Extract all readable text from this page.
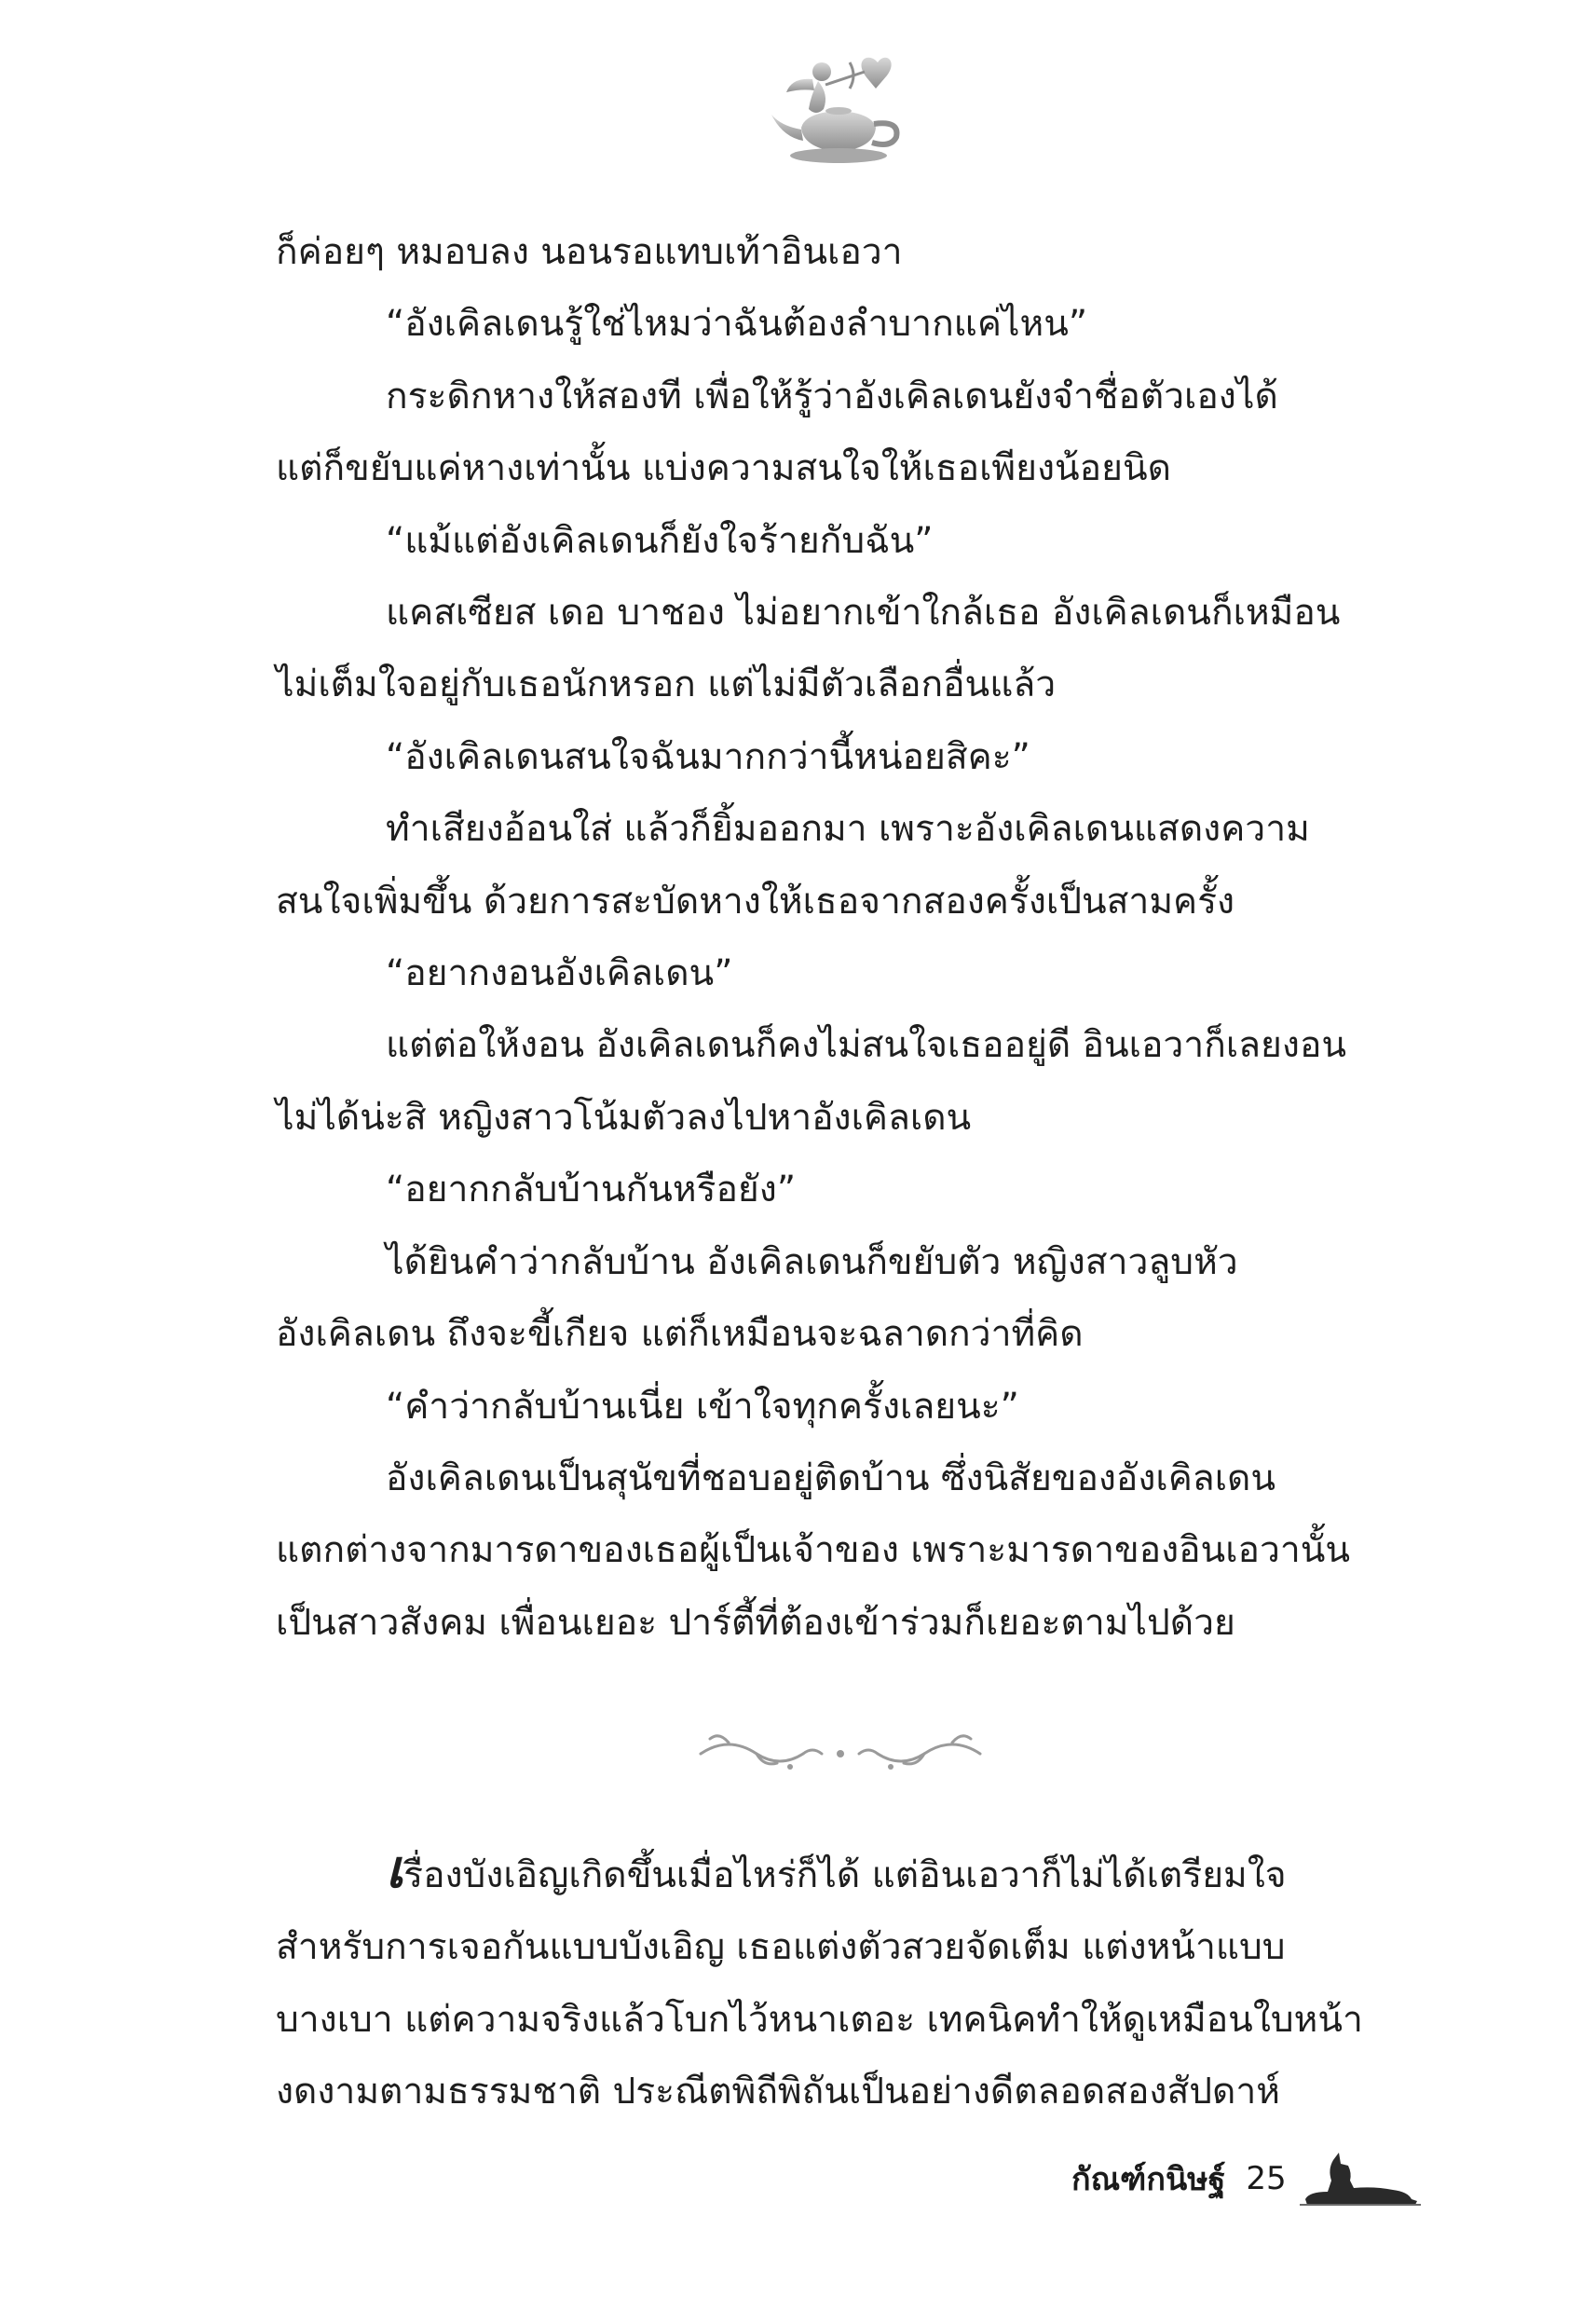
ก็ค่อยๆ หมอบลง นอนรอแทบเท้าอินเอวา

“อังเคิลเดนรู้ใช่ไหมว่าฉันต้องลำบากแค่ไหน”

กระดิกหางให้สองที เพื่อให้รู้ว่าอังเคิลเดนยังจำชื่อตัวเองได้

แต่ก็ขยับแค่หางเท่านั้น แบ่งความสนใจให้เธอเพียงน้อยนิด

“แม้แต่อังเคิลเดนก็ยังใจร้ายกับฉัน”

แคสเซียส เดอ บาชอง ไม่อยากเข้าใกล้เธอ อังเคิลเดนก็เหมือน

ไม่เต็มใจอยู่กับเธอนักหรอก แต่ไม่มีตัวเลือกอื่นแล้ว

“อังเคิลเดนสนใจฉันมากกว่านี้หน่อยสิคะ”

ทำเสียงอ้อนใส่ แล้วก็ยิ้มออกมา เพราะอังเคิลเดนแสดงความ

สนใจเพิ่มขึ้น ด้วยการสะบัดหางให้เธอจากสองครั้งเป็นสามครั้ง

“อยากงอนอังเคิลเดน”

แต่ต่อให้งอน อังเคิลเดนก็คงไม่สนใจเธออยู่ดี อินเอวาก็เลยงอน

ไม่ได้น่ะสิ หญิงสาวโน้มตัวลงไปหาอังเคิลเดน

“อยากกลับบ้านกันหรือยัง”

ได้ยินคำว่ากลับบ้าน อังเคิลเดนก็ขยับตัว หญิงสาวลูบหัว

อังเคิลเดน ถึงจะขี้เกียจ แต่ก็เหมือนจะฉลาดกว่าที่คิด

“คำว่ากลับบ้านเนี่ย เข้าใจทุกครั้งเลยนะ”

อังเคิลเดนเป็นสุนัขที่ชอบอยู่ติดบ้าน ซึ่งนิสัยของอังเคิลเดน

แตกต่างจากมารดาของเธอผู้เป็นเจ้าของ เพราะมารดาของอินเอวานั้น

เป็นสาวสังคม เพื่อนเยอะ ปาร์ตี้ที่ต้องเข้าร่วมก็เยอะตามไปด้วย

เรื่องบังเอิญเกิดขึ้นเมื่อไหร่ก็ได้ แต่อินเอวาก็ไม่ได้เตรียมใจ

สำหรับการเจอกันแบบบังเอิญ เธอแต่งตัวสวยจัดเต็ม แต่งหน้าแบบ

บางเบา แต่ความจริงแล้วโบกไว้หนาเตอะ เทคนิคทำให้ดูเหมือนใบหน้า

งดงามตามธรรมชาติ ประณีตพิถีพิถันเป็นอย่างดีตลอดสองสัปดาห์

กัณฑ์กนิษฐ์ 25
